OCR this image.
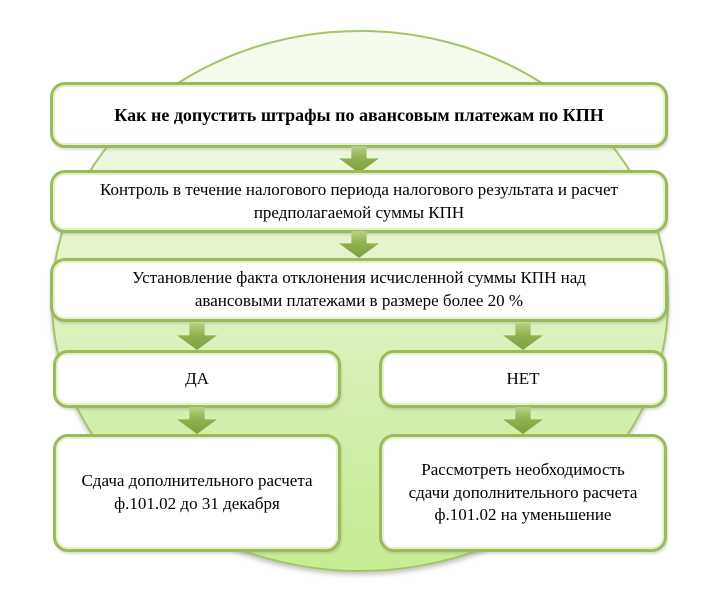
Как не допустить штрафы по авансовым платежам по КПН
Контроль в течение налогового периода налогового результата и расчет предполагаемой суммы КПН
Установление факта отклонения исчисленной суммы КПН над авансовыми платежами в размере более 20 %
ДА	НЕТ
Сдача дополнительного расчета ф.101.02 до 31 декабря
Рассмотреть необходимость сдачи дополнительного расчета ф.101.02 на уменьшение
